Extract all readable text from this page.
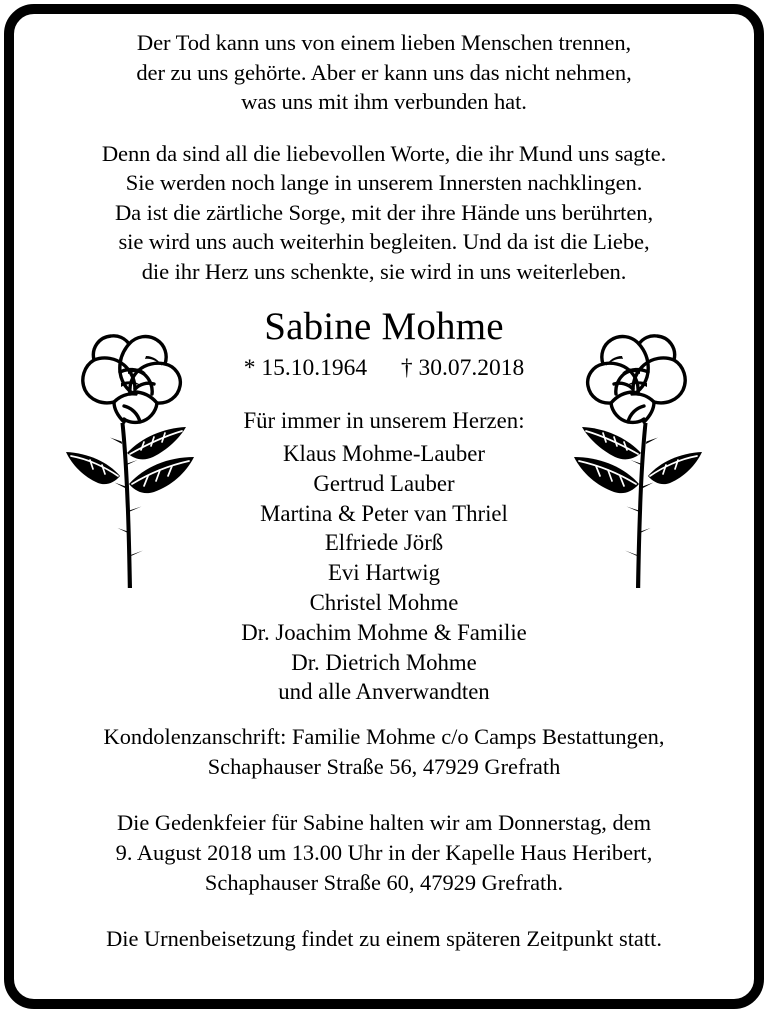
Der Tod kann uns von einem lieben Menschen trennen,
der zu uns gehörte. Aber er kann uns das nicht nehmen,
was uns mit ihm verbunden hat.
Denn da sind all die liebevollen Worte, die ihr Mund uns sagte.
Sie werden noch lange in unserem Innersten nachklingen.
Da ist die zärtliche Sorge, mit der ihre Hände uns berührten,
sie wird uns auch weiterhin begleiten. Und da ist die Liebe,
die ihr Herz uns schenkte, sie wird in uns weiterleben.
Sabine Mohme
* 15.10.1964 † 30.07.2018
Für immer in unserem Herzen:
Klaus Mohme-Lauber
Gertrud Lauber
Martina & Peter van Thriel
Elfriede Jörß
Evi Hartwig
Christel Mohme
Dr. Joachim Mohme & Familie
Dr. Dietrich Mohme
und alle Anverwandten
Kondolenzanschrift: Familie Mohme c/o Camps Bestattungen,
Schaphauser Straße 56, 47929 Grefrath
Die Gedenkfeier für Sabine halten wir am Donnerstag, dem
9. August 2018 um 13.00 Uhr in der Kapelle Haus Heribert,
Schaphauser Straße 60, 47929 Grefrath.
Die Urnenbeisetzung findet zu einem späteren Zeitpunkt statt.
